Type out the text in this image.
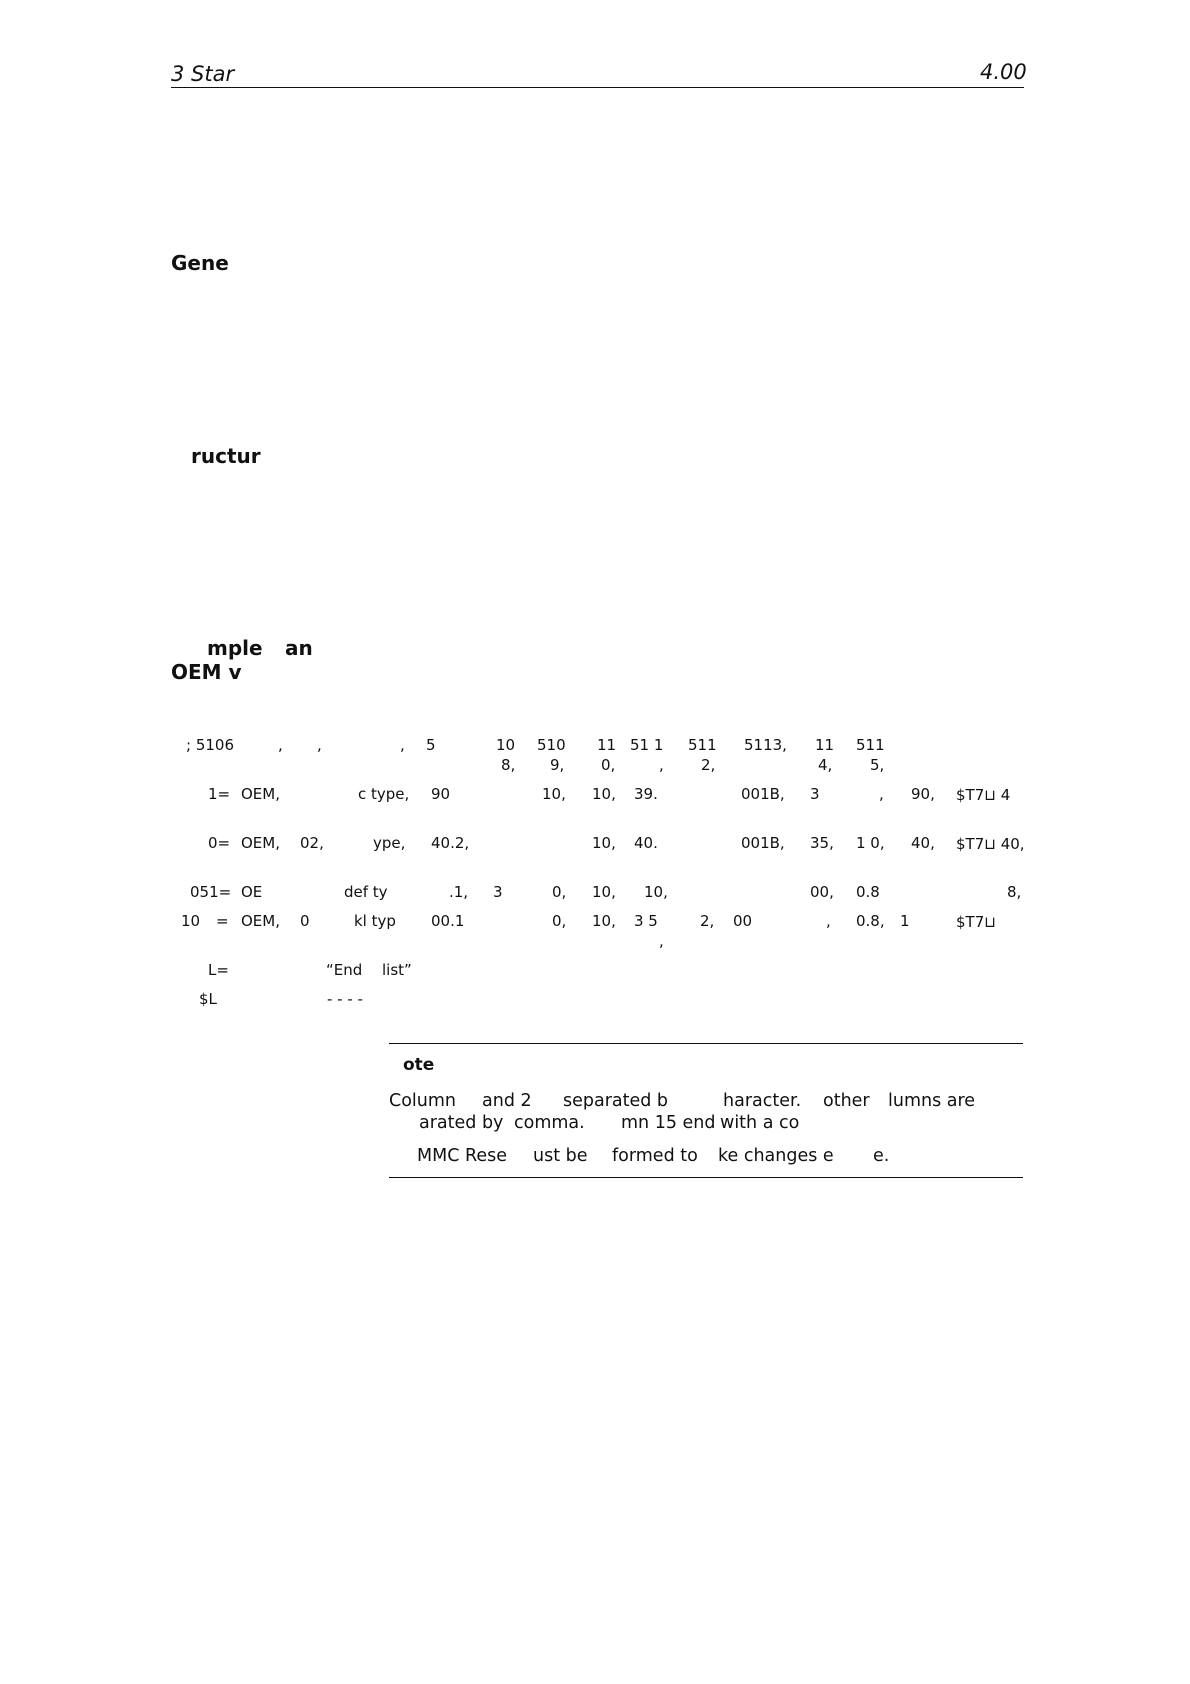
3 Star	4.00
Gene
ructur
mple an
OEM v
; 5106	, ,	, 5	10 510 11 51 1 511 5113, 11 511
8, 9, 0,	, 2,	4,	5,
1= OEM,	c type, 90	10, 10, 39.	001B, 3	, 90, $T7⊔ 4
0= OEM, 02,	ype, 40.2,	10, 40.	001B, 35, 1 0, 40, $T7⊔ 40,
051= OE	def ty	.1, 3	0, 10, 10,	00, 0.8	8,
10 = OEM, 0	kl typ 00.1	0, 10, 3 5	2, 00	, 0.8, 1	$T7⊔
,
L=	“End list”
$L	- - - -
ote
Column and 2 separated b	haracter. other lumns are
arated by comma. mn 15 end with a co
MMC Rese ust be formed to ke changes e e.
